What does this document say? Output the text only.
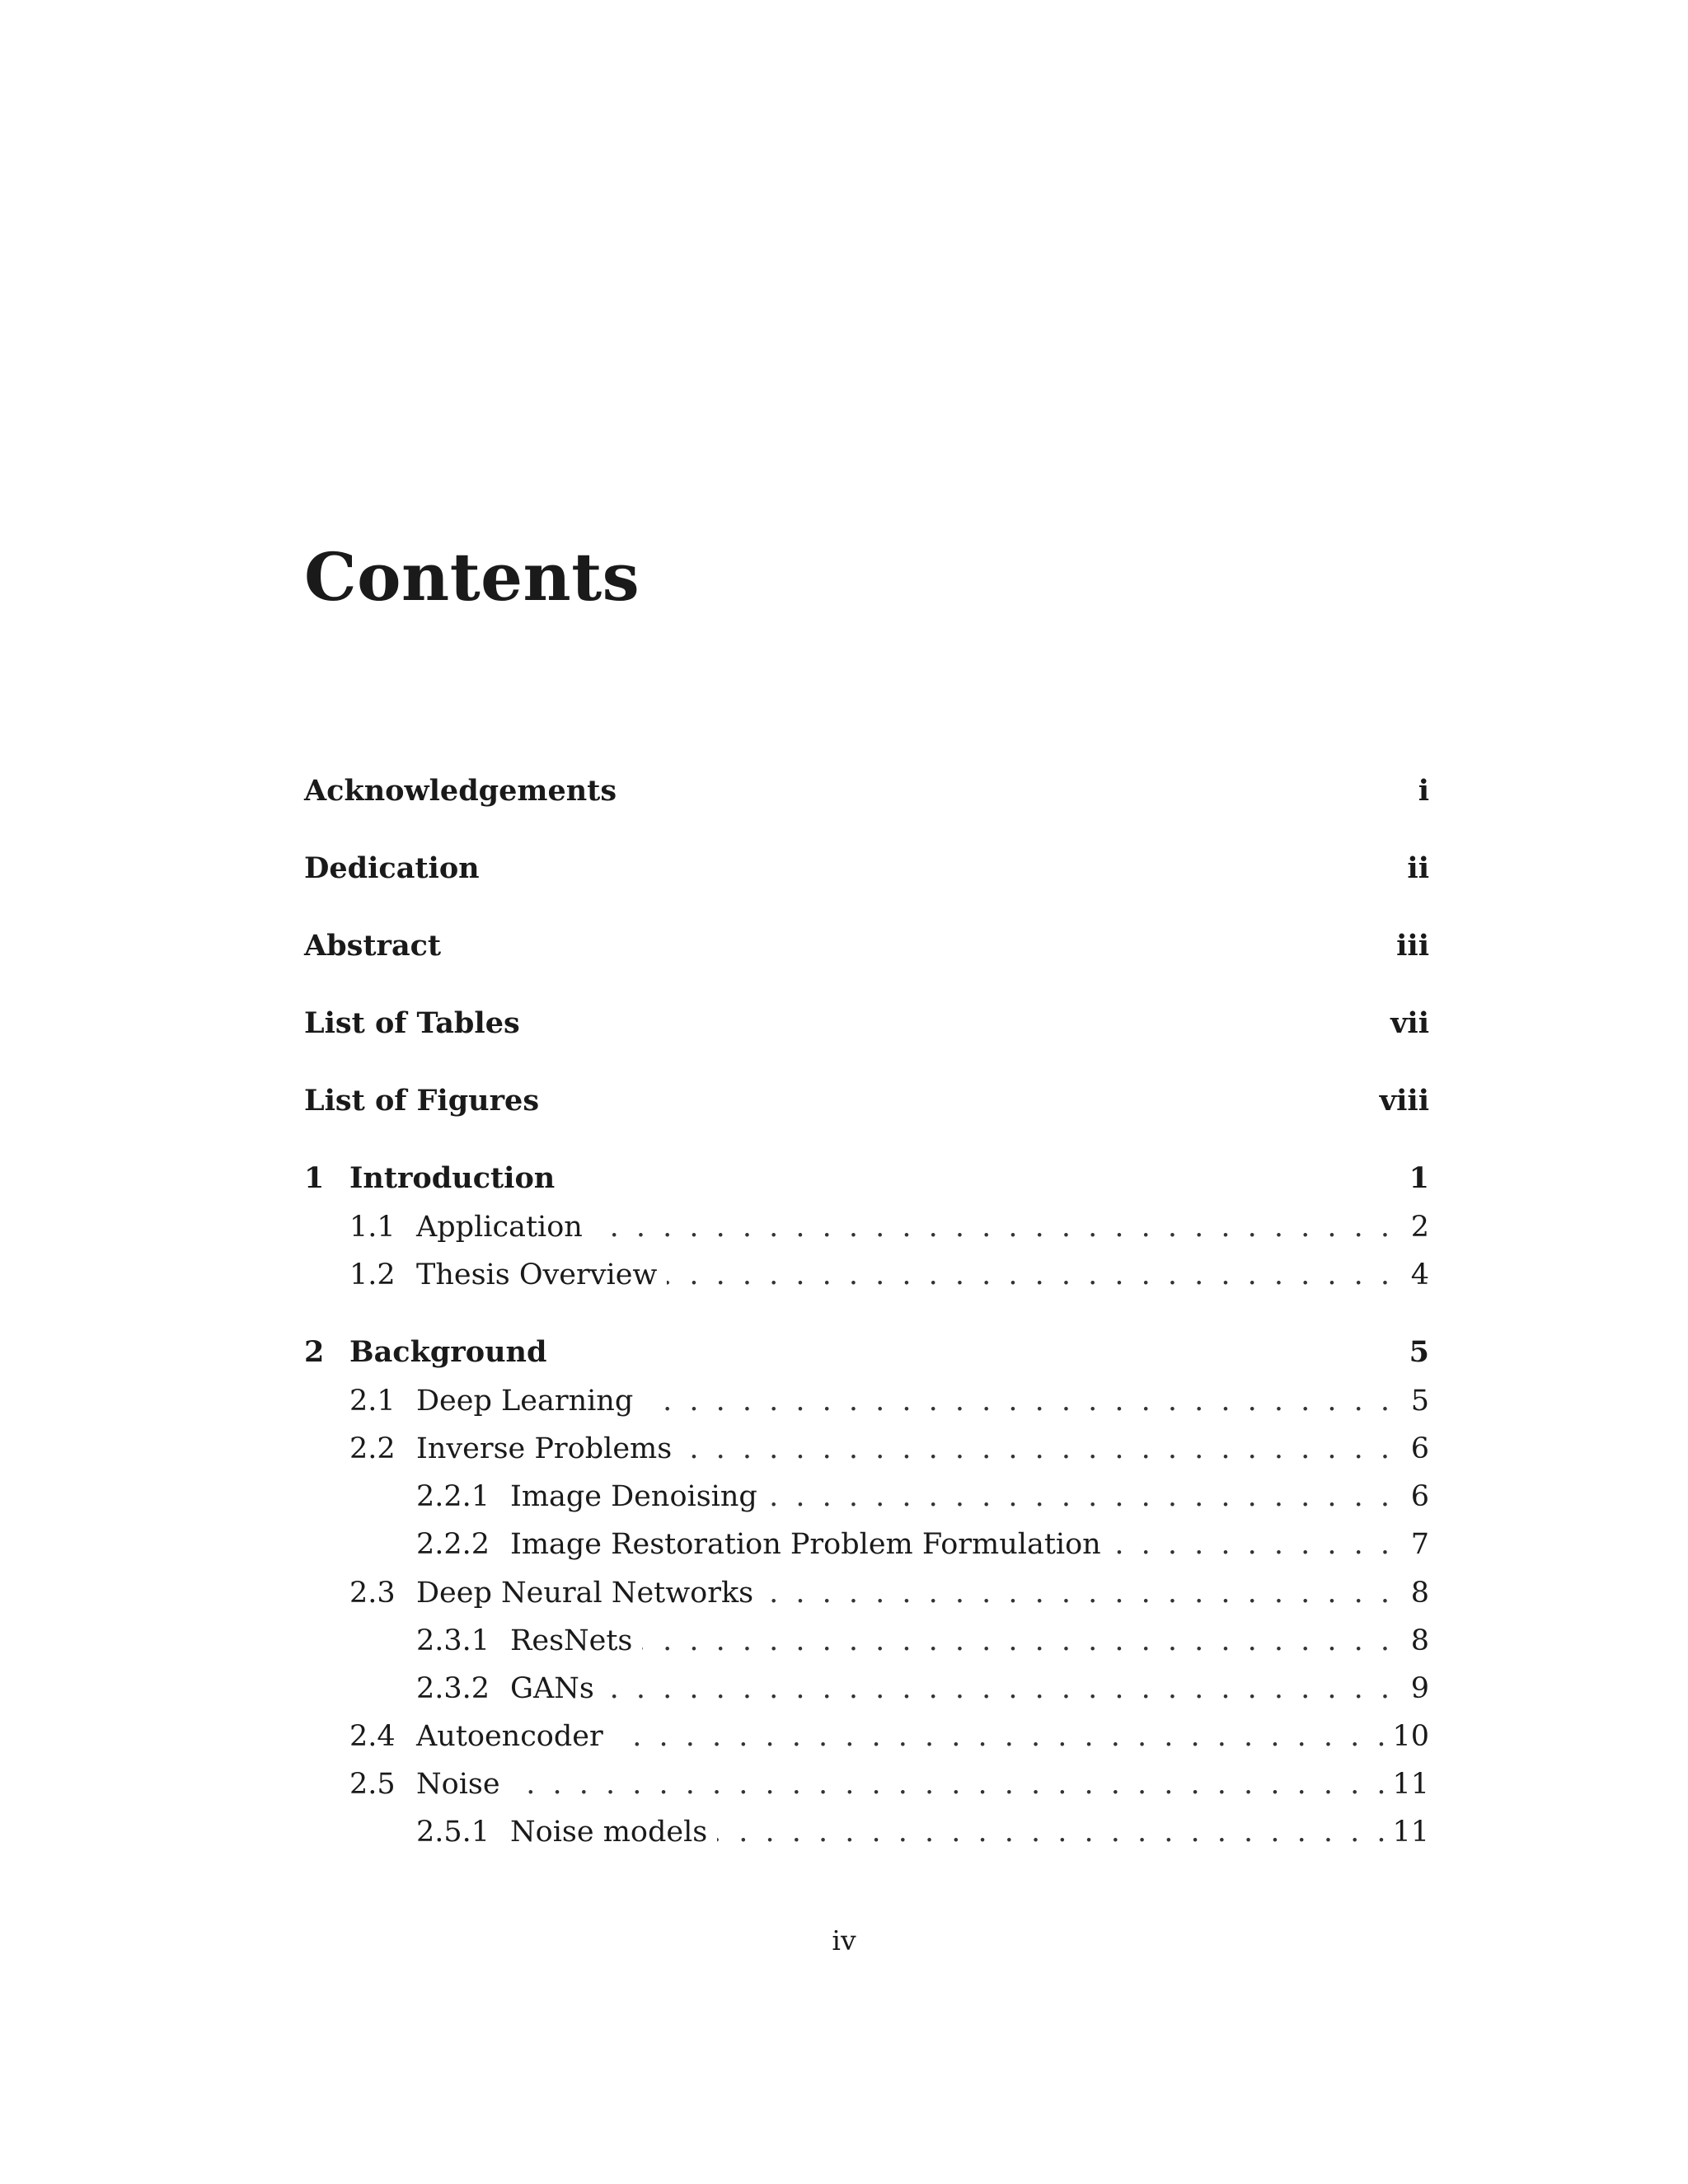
Contents
Acknowledgements	i
Dedication	ii
Abstract	iii
List of Tables	vii
List of Figures	viii
1 Introduction	1
1.1 Application . . .	2
1.2 Thesis Overview . . .	4
2 Background	5
2.1 Deep Learning . . .	5
2.2 Inverse Problems . . .	6
2.2.1 Image Denoising . . .	6
2.2.2 Image Restoration Problem Formulation . . .	7
2.3 Deep Neural Networks . . .	8
2.3.1 ResNets . . .	8
2.3.2 GANs . . .	9
2.4 Autoencoder . . .	10
2.5 Noise . . .	11
2.5.1 Noise models . . .	11
iv
